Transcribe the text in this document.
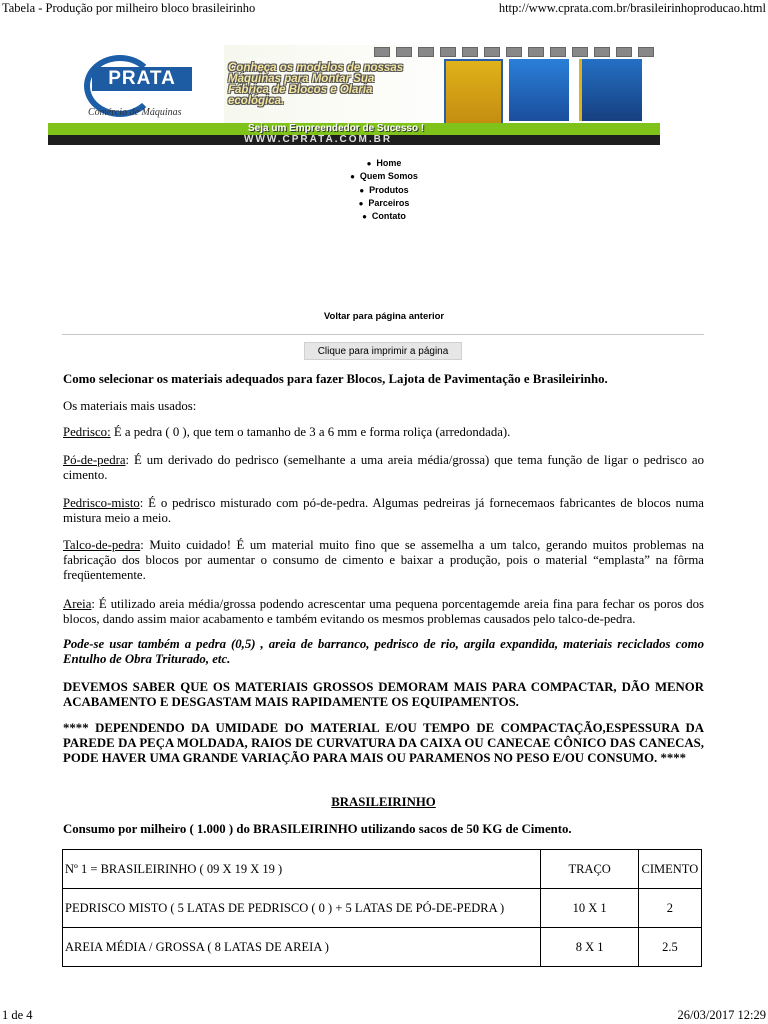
Tabela - Produção por milheiro bloco brasileirinho	http://www.cprata.com.br/brasileirinhoproducao.html
PRATA
Comércio de Máquinas
Conheça os modelos de nossas Máquinas para Montar Sua Fábrica de Blocos e Olaria ecológica.
Seja um Empreendedor de Sucesso !
WWW.CPRATA.COM.BR
● Home
● Quem Somos
● Produtos
● Parceiros
● Contato
Voltar para página anterior
Clique para imprimir a página
Como selecionar os materiais adequados para fazer Blocos, Lajota de Pavimentação e Brasileirinho.
Os materiais mais usados:
Pedrisco: É a pedra ( 0 ), que tem o tamanho de 3 a 6 mm e forma roliça (arredondada).
Pó-de-pedra: É um derivado do pedrisco (semelhante a uma areia média/grossa) que tema função de ligar o pedrisco ao cimento.
Pedrisco-misto: É o pedrisco misturado com pó-de-pedra. Algumas pedreiras já fornecemaos fabricantes de blocos numa mistura meio a meio.
Talco-de-pedra: Muito cuidado! É um material muito fino que se assemelha a um talco, gerando muitos problemas na fabricação dos blocos por aumentar o consumo de cimento e baixar a produção, pois o material “emplasta” na fôrma freqüentemente.
Areia: É utilizado areia média/grossa podendo acrescentar uma pequena porcentagemde areia fina para fechar os poros dos blocos, dando assim maior acabamento e também evitando os mesmos problemas causados pelo talco-de-pedra.
Pode-se usar também a pedra (0,5) , areia de barranco, pedrisco de rio, argila expandida, materiais reciclados como Entulho de Obra Triturado, etc.
DEVEMOS SABER QUE OS MATERIAIS GROSSOS DEMORAM MAIS PARA COMPACTAR, DÃO MENOR ACABAMENTO E DESGASTAM MAIS RAPIDAMENTE OS EQUIPAMENTOS.
**** DEPENDENDO DA UMIDADE DO MATERIAL E/OU TEMPO DE COMPACTAÇÃO,ESPESSURA DA PAREDE DA PEÇA MOLDADA, RAIOS DE CURVATURA DA CAIXA OU CANECAE CÔNICO DAS CANECAS, PODE HAVER UMA GRANDE VARIAÇÃO PARA MAIS OU PARAMENOS NO PESO E/OU CONSUMO. ****
BRASILEIRINHO
Consumo por milheiro ( 1.000 ) do BRASILEIRINHO utilizando sacos de 50 KG de Cimento.
Nº 1 = BRASILEIRINHO ( 09 X 19 X 19 )	TRAÇO	CIMENTO
PEDRISCO MISTO ( 5 LATAS DE PEDRISCO ( 0 ) + 5 LATAS DE PÓ-DE-PEDRA )	10 X 1	2
AREIA MÉDIA / GROSSA ( 8 LATAS DE AREIA )	8 X 1	2.5
1 de 4	26/03/2017 12:29
